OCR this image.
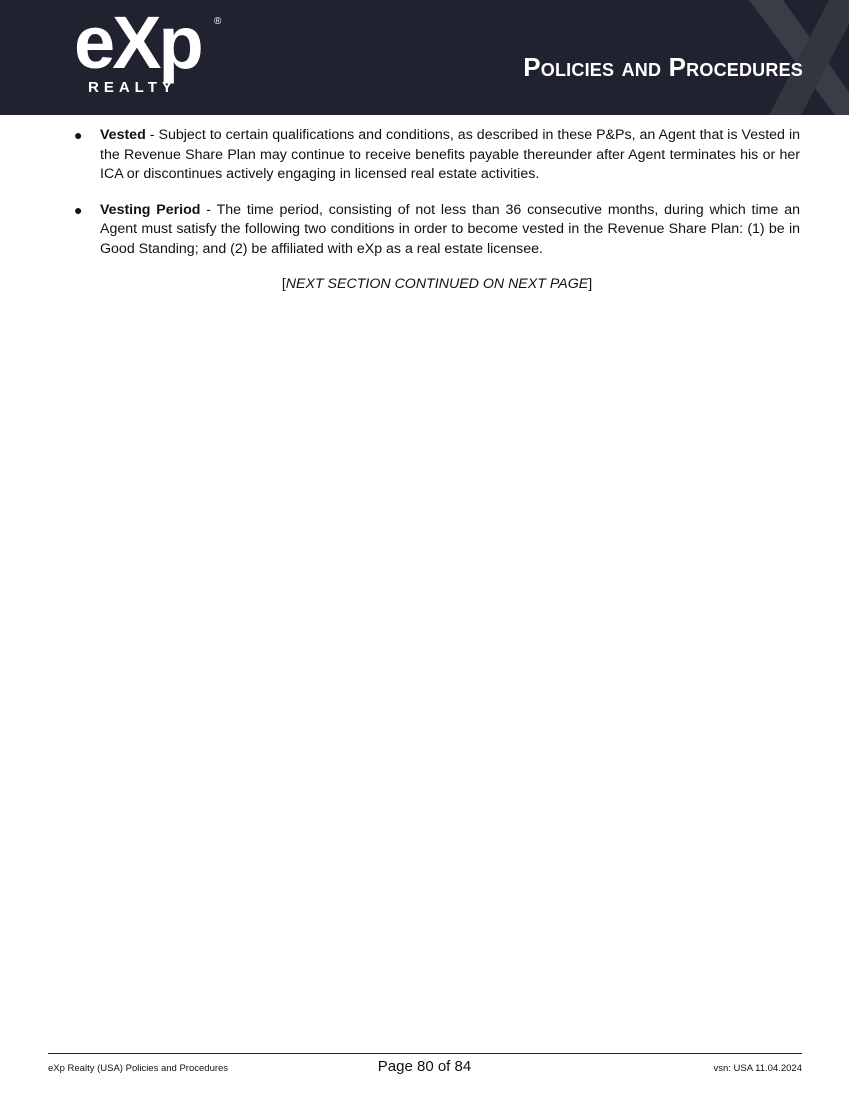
eXp ®
REALTY
Policies and Procedures
● Vested - Subject to certain qualifications and conditions, as described in these P&Ps, an Agent that is Vested in the Revenue Share Plan may continue to receive benefits payable thereunder after Agent terminates his or her ICA or discontinues actively engaging in licensed real estate activities.
● Vesting Period - The time period, consisting of not less than 36 consecutive months, during which time an Agent must satisfy the following two conditions in order to become vested in the Revenue Share Plan: (1) be in Good Standing; and (2) be affiliated with eXp as a real estate licensee.
[NEXT SECTION CONTINUED ON NEXT PAGE]
eXp Realty (USA) Policies and Procedures	Page 80 of 84	vsn: USA 11.04.2024
